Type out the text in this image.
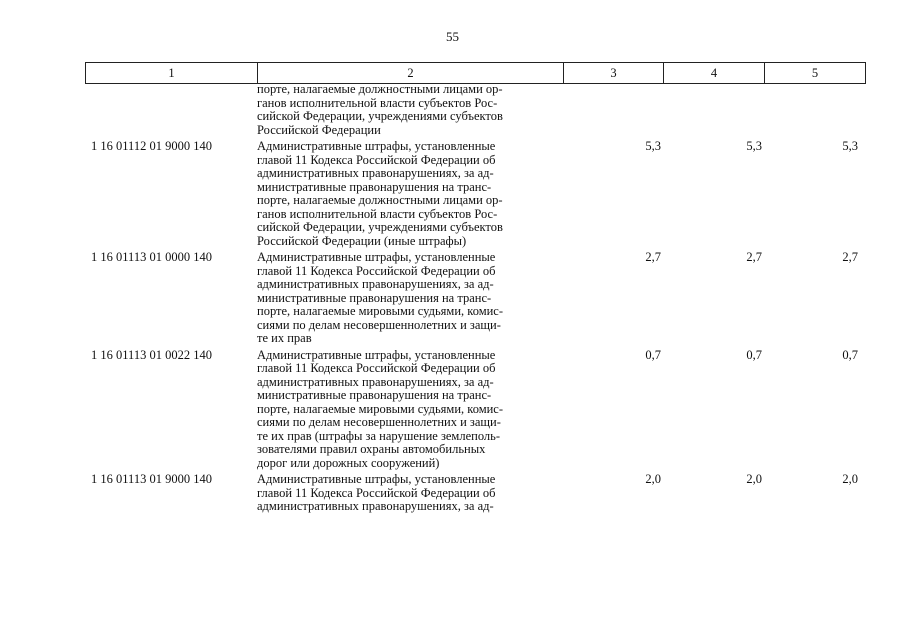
55
1	2	3	4	5
порте, налагаемые должностными лицами ор-
ганов исполнительной власти субъектов Рос-
сийской Федерации, учреждениями субъектов
Российской Федерации
1 16 01112 01 9000 140	Административные штрафы, установленные
главой 11 Кодекса Российской Федерации об
административных правонарушениях, за ад-
министративные правонарушения на транс-
порте, налагаемые должностными лицами ор-
ганов исполнительной власти субъектов Рос-
сийской Федерации, учреждениями субъектов
Российской Федерации (иные штрафы)
5,3	5,3	5,3
1 16 01113 01 0000 140	Административные штрафы, установленные
главой 11 Кодекса Российской Федерации об
административных правонарушениях, за ад-
министративные правонарушения на транс-
порте, налагаемые мировыми судьями, комис-
сиями по делам несовершеннолетних и защи-
те их прав
2,7	2,7	2,7
1 16 01113 01 0022 140	Административные штрафы, установленные
главой 11 Кодекса Российской Федерации об
административных правонарушениях, за ад-
министративные правонарушения на транс-
порте, налагаемые мировыми судьями, комис-
сиями по делам несовершеннолетних и защи-
те их прав (штрафы за нарушение землеполь-
зователями правил охраны автомобильных
дорог или дорожных сооружений)
0,7	0,7	0,7
1 16 01113 01 9000 140	Административные штрафы, установленные
главой 11 Кодекса Российской Федерации об
административных правонарушениях, за ад-
2,0	2,0	2,0
